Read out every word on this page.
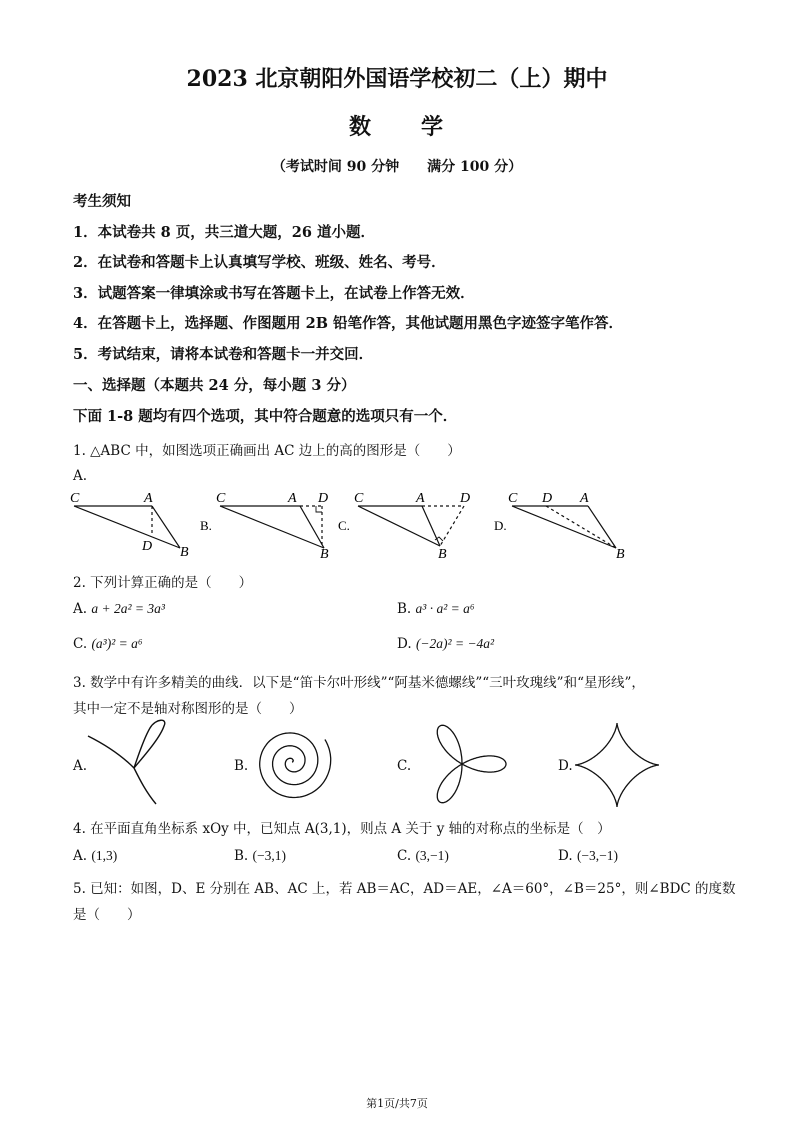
2023 北京朝阳外国语学校初二（上）期中
数　　学
（考试时间 90 分钟　　满分 100 分）
考生须知
1．本试卷共 8 页，共三道大题，26 道小题．
2．在试卷和答题卡上认真填写学校、班级、姓名、考号．
3．试题答案一律填涂或书写在答题卡上，在试卷上作答无效．
4．在答题卡上，选择题、作图题用 2B 铅笔作答，其他试题用黑色字迹签字笔作答．
5．考试结束，请将本试卷和答题卡一并交回．
一、选择题（本题共 24 分，每小题 3 分）
下面 1-8 题均有四个选项，其中符合题意的选项只有一个．
1. △ABC 中，如图选项正确画出 AC 边上的高的图形是（　　）
A.
C	A
D B
B.
C	A D
B
C.
C	A	D
B
D.
C D A
B
2. 下列计算正确的是（　　）
A. a + 2a² = 3a³	B. a³ · a² = a⁶
C. (a³)² = a⁶	D. (−2a)² = −4a²
3. 数学中有许多精美的曲线．以下是“笛卡尔叶形线”“阿基米德螺线”“三叶玫瑰线”和“星形线”，
其中一定不是轴对称图形的是（　　）
A.	B.	C.	D.
4. 在平面直角坐标系 xOy 中，已知点 A(3,1)，则点 A 关于 y 轴的对称点的坐标是（　）
A. (1,3)	B. (−3,1)	C. (3,−1)	D. (−3,−1)
5. 已知：如图，D、E 分别在 AB、AC 上，若 AB＝AC，AD＝AE，∠A＝60°，∠B＝25°，则∠BDC 的度数
是（　　）
第1页/共7页
